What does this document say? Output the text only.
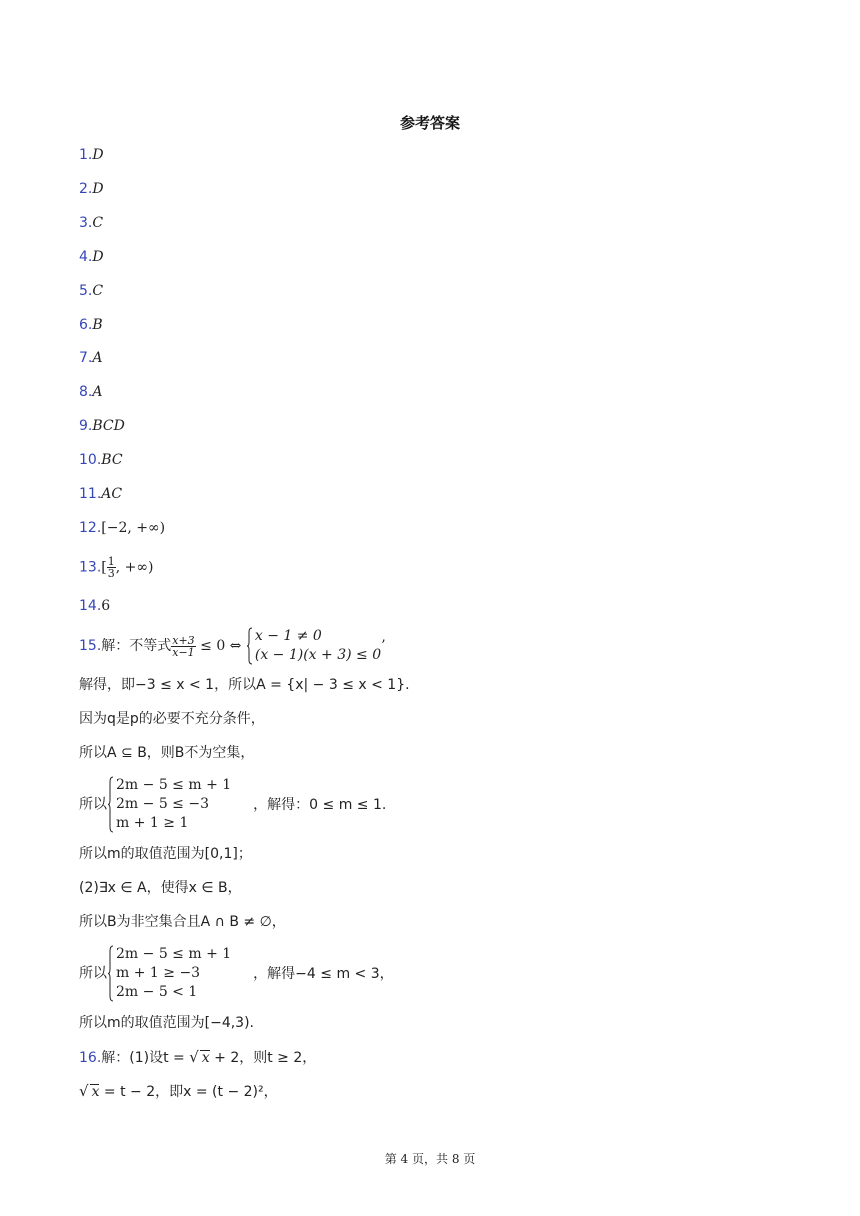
参考答案
1.D
2.D
3.C
4.D
5.C
6.B
7.A
8.A
9.BCD
10.BC
11.AC
12.[−2, +∞)
$13.[ \frac{1}{3}$ , +∞)
14.6
15.解：不等式 $\frac{x+3}{x-1} \le 0$ ⇔
x − 1 ≠ 0
(x − 1)(x + 3) ≤ 0
’
解得，即−3 ≤ x < 1，所以A = {x| − 3 ≤ x < 1}.
因为q是p的必要不充分条件，
所以A ⊆ B，则B不为空集，
所以
2m − 5 ≤ m + 1
2m − 5 ≤ −3
m + 1 ≥ 1
，解得：0 ≤ m ≤ 1.
所以m的取值范围为[0,1]；
(2)∃x ∈ A，使得x ∈ B，
所以B为非空集合且A ∩ B ≠ ∅，
所以
2m − 5 ≤ m + 1
m + 1 ≥ −3
2m − 5 < 1
，解得−4 ≤ m < 3，
所以m的取值范围为[−4,3).
16.解：(1)设t = √ x + 2，则t ≥ 2，
√ x = t − 2，即x = (t − 2)²，
第 4 页，共 8 页
